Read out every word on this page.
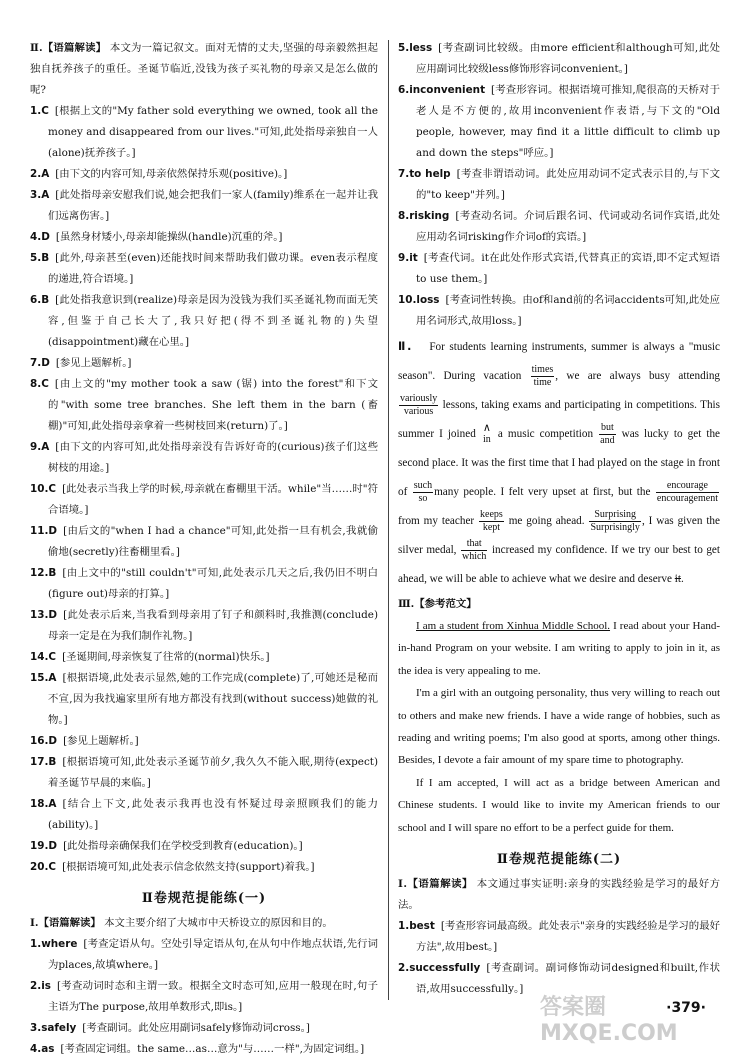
Ⅱ.【语篇解读】 本文为一篇记叙文。面对无情的丈夫,坚强的母亲毅然担起独自抚养孩子的重任。圣诞节临近,没钱为孩子买礼物的母亲又是怎么做的呢?

1.C [根据上文的"My father sold everything we owned, took all the money and disappeared from our lives."可知,此处指母亲独自一人(alone)抚养孩子。]

2.A [由下文的内容可知,母亲依然保持乐观(positive)。]

3.A [此处指母亲安慰我们说,她会把我们一家人(family)维系在一起并让我们远离伤害。]

4.D [虽然身材矮小,母亲却能操纵(handle)沉重的斧。]

5.B [此外,母亲甚至(even)还能找时间来帮助我们做功课。even表示程度的递进,符合语境。]

6.B [此处指我意识到(realize)母亲是因为没钱为我们买圣诞礼物而面无笑容,但鉴于自己长大了,我只好把(得不到圣诞礼物的)失望(disappointment)藏在心里。]

7.D [参见上题解析。]

8.C [由上文的"my mother took a saw (锯) into the forest"和下文的"with some tree branches. She left them in the barn (畜棚)"可知,此处指母亲拿着一些树枝回来(return)了。]

9.A [由下文的内容可知,此处指母亲没有告诉好奇的(curious)孩子们这些树枝的用途。]

10.C [此处表示当我上学的时候,母亲就在畜棚里干活。while"当……时"符合语境。]

11.D [由后文的"when I had a chance"可知,此处指一旦有机会,我就偷偷地(secretly)往畜棚里看。]

12.B [由上文中的"still couldn't"可知,此处表示几天之后,我仍旧不明白(figure out)母亲的打算。]

13.D [此处表示后来,当我看到母亲用了钉子和颜料时,我推测(conclude)母亲一定是在为我们制作礼物。]

14.C [圣诞期间,母亲恢复了往常的(normal)快乐。]

15.A [根据语境,此处表示显然,她的工作完成(complete)了,可她还是秘而不宣,因为我找遍家里所有地方都没有找到(without success)她做的礼物。]

16.D [参见上题解析。]

17.B [根据语境可知,此处表示圣诞节前夕,我久久不能入眠,期待(expect)着圣诞节早晨的来临。]

18.A [结合上下文,此处表示我再也没有怀疑过母亲照顾我们的能力(ability)。]

19.D [此处指母亲确保我们在学校受到教育(education)。]

20.C [根据语境可知,此处表示信念依然支持(support)着我。]

Ⅱ卷规范提能练(一)

Ⅰ.【语篇解读】 本文主要介绍了大城市中天桥设立的原因和目的。

1.where [考查定语从句。空处引导定语从句,在从句中作地点状语,先行词为places,故填where。]

2.is [考查动词时态和主谓一致。根据全文时态可知,应用一般现在时,句子主语为The purpose,故用单数形式,即is。]

3.safely [考查副词。此处应用副词safely修饰动词cross。]

4.as [考查固定词组。the same…as…意为"与……一样",为固定词组。]

5.less [考查副词比较级。由more efficient和although可知,此处应用副词比较级less修饰形容词convenient。]

6.inconvenient [考查形容词。根据语境可推知,爬很高的天桥对于老人是不方便的,故用inconvenient作表语,与下文的"Old people, however, may find it a little difficult to climb up and down the steps"呼应。]

7.to help [考查非谓语动词。此处应用动词不定式表示目的,与下文的"to keep"并列。]

8.risking [考查动名词。介词后跟名词、代词或动名词作宾语,此处应用动名词risking作介词of的宾语。]

9.it [考查代词。it在此处作形式宾语,代替真正的宾语,即不定式短语to use them。]

10.loss [考查词性转换。由of和and前的名词accidents可知,此处应用名词形式,故用loss。]

Ⅱ. For students learning instruments, summer is always a "music season". During vacation $\frac{\text{times}}{\text{time}}$ , we are always busy attending
$\frac{\text{variously}}{\text{various}}$ lessons, taking exams and participating in competitions. This summer I joined ∧
in a music competition $\frac{\text{but}}{\text{and}}$ was lucky to get the second place. It was the first time that I had played on the stage in front of $\frac{\text{such}}{so}$ many people. I felt very upset at first, but the $\frac{\text{encourage}}{\text{encouragement}}$
from my teacher $\frac{\text{keeps}}{\text{kept}}$ me going ahead. $\frac{\text{Surprising}}{\text{Surprisingly}}$ , I was given the silver medal, $\frac{\text{that}}{\text{which}}$ increased my confidence. If we try our best to get ahead, we will be able to achieve what we desire and deserve it.

Ⅲ.【参考范文】

I am a student from Xinhua Middle School. I read about your Hand-in-hand Program on your website. I am writing to apply to join in it, as the idea is very appealing to me.

I'm a girl with an outgoing personality, thus very willing to reach out to others and make new friends. I have a wide range of hobbies, such as reading and writing poems; I'm also good at sports, among other things. Besides, I devote a fair amount of my spare time to photography.

If I am accepted, I will act as a bridge between American and Chinese students. I would like to invite my American friends to our school and I will spare no effort to be a perfect guide for them.

Ⅱ卷规范提能练(二)

Ⅰ.【语篇解读】 本文通过事实证明:亲身的实践经验是学习的最好方法。

1.best [考查形容词最高级。此处表示"亲身的实践经验是学习的最好方法",故用best。]

2.successfully [考查副词。副词修饰动词designed和built,作状语,故用successfully。]

·379·
答案圈 MXQE.COM
